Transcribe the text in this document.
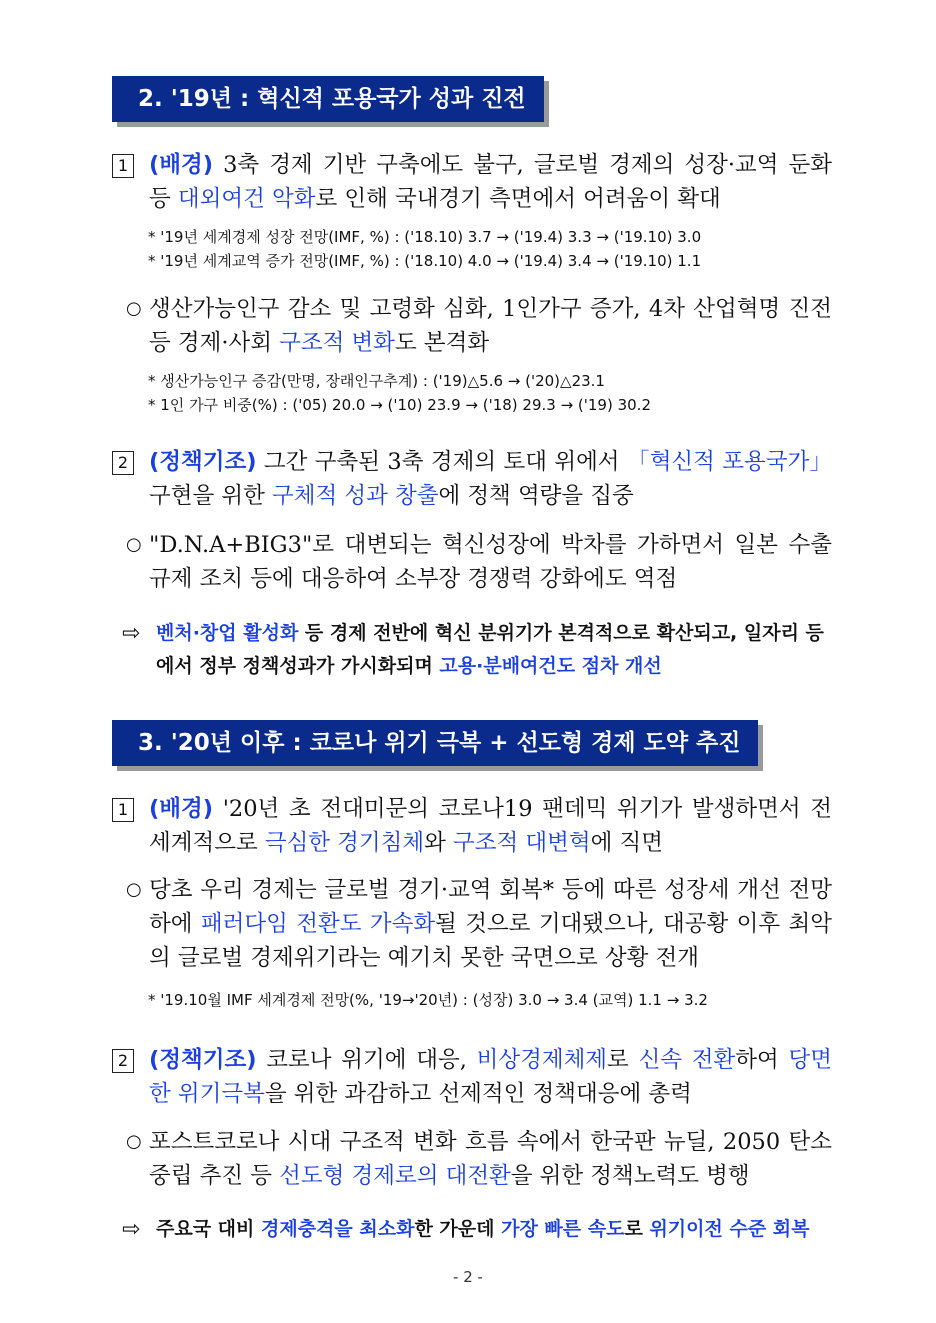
2. '19년 : 혁신적 포용국가 성과 진전
1 (배경) 3축 경제 기반 구축에도 불구, 글로벌 경제의 성장·교역 둔화 등 대외여건 악화로 인해 국내경기 측면에서 어려움이 확대
* '19년 세계경제 성장 전망(IMF, %) : ('18.10) 3.7 → ('19.4) 3.3 → ('19.10) 3.0
* '19년 세계교역 증가 전망(IMF, %) : ('18.10) 4.0 → ('19.4) 3.4 → ('19.10) 1.1
○ 생산가능인구 감소 및 고령화 심화, 1인가구 증가, 4차 산업혁명 진전 등 경제·사회 구조적 변화도 본격화
* 생산가능인구 증감(만명, 장래인구추계) : ('19)△5.6 → ('20)△23.1
* 1인 가구 비중(%) : ('05) 20.0 → ('10) 23.9 → ('18) 29.3 → ('19) 30.2
2 (정책기조) 그간 구축된 3축 경제의 토대 위에서 「혁신적 포용국가」 구현을 위한 구체적 성과 창출에 정책 역량을 집중
○ "D.N.A+BIG3"로 대변되는 혁신성장에 박차를 가하면서 일본 수출규제 조치 등에 대응하여 소부장 경쟁력 강화에도 역점
⇨ 벤처·창업 활성화 등 경제 전반에 혁신 분위기가 본격적으로 확산되고, 일자리 등에서 정부 정책성과가 가시화되며 고용·분배여건도 점차 개선
3. '20년 이후 : 코로나 위기 극복 + 선도형 경제 도약 추진
1 (배경) '20년 초 전대미문의 코로나19 팬데믹 위기가 발생하면서 전세계적으로 극심한 경기침체와 구조적 대변혁에 직면
○ 당초 우리 경제는 글로벌 경기·교역 회복* 등에 따른 성장세 개선 전망 하에 패러다임 전환도 가속화될 것으로 기대됐으나, 대공황 이후 최악의 글로벌 경제위기라는 예기치 못한 국면으로 상황 전개
* '19.10월 IMF 세계경제 전망(%, '19→'20년) : (성장) 3.0 → 3.4 (교역) 1.1 → 3.2
2 (정책기조) 코로나 위기에 대응, 비상경제체제로 신속 전환하여 당면한 위기극복을 위한 과감하고 선제적인 정책대응에 총력
○ 포스트코로나 시대 구조적 변화 흐름 속에서 한국판 뉴딜, 2050 탄소중립 추진 등 선도형 경제로의 대전환을 위한 정책노력도 병행
⇨ 주요국 대비 경제충격을 최소화한 가운데 가장 빠른 속도로 위기이전 수준 회복
- 2 -
